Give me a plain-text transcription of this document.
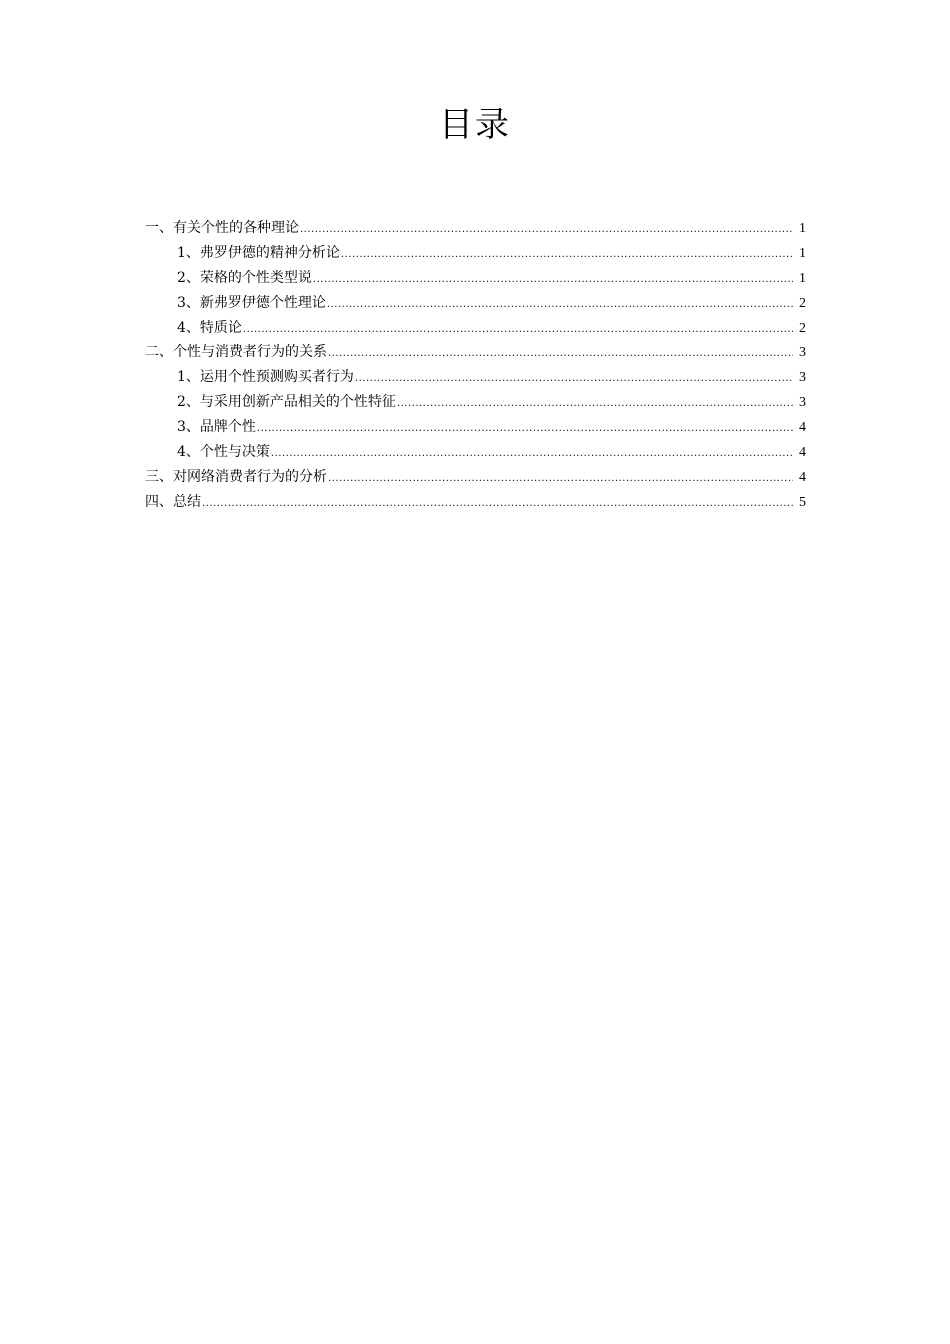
目录
一、有关个性的各种理论 .....	1
1、弗罗伊德的精神分析论 .....	1
2、荣格的个性类型说 .....	1
3、新弗罗伊德个性理论 .....	2
4、特质论 .....	2
二、个性与消费者行为的关系 .....	3
1、运用个性预测购买者行为 .....	3
2、与采用创新产品相关的个性特征 .....	3
3、品牌个性 .....	4
4、个性与决策 .....	4
三、对网络消费者行为的分析 .....	4
四、总结 .....	5
